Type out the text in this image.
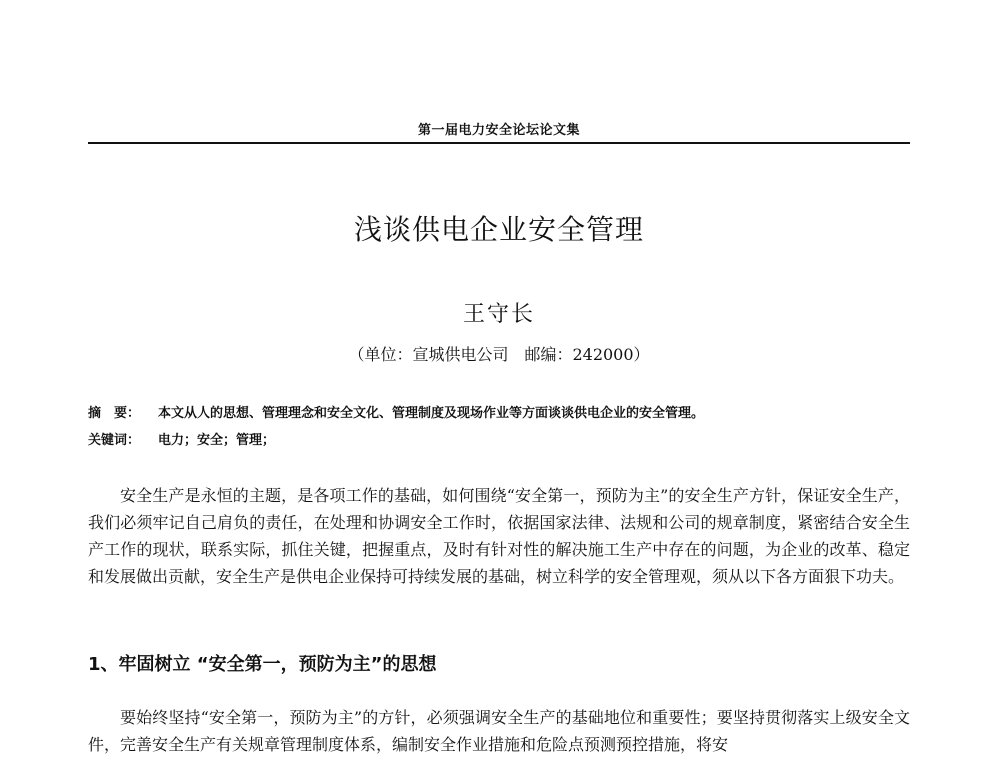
第一届电力安全论坛论文集
浅谈供电企业安全管理
王守长
（单位：宣城供电公司　邮编：242000）
摘　要： 本文从人的思想、管理理念和安全文化、管理制度及现场作业等方面谈谈供电企业的安全管理。
关键词： 电力；安全；管理；

安全生产是永恒的主题，是各项工作的基础，如何围绕“安全第一，预防为主”的安全生产方针，保证安全生产，我们必须牢记自己肩负的责任，在处理和协调安全工作时，依据国家法律、法规和公司的规章制度，紧密结合安全生产工作的现状，联系实际，抓住关键，把握重点，及时有针对性的解决施工生产中存在的问题，为企业的改革、稳定和发展做出贡献，安全生产是供电企业保持可持续发展的基础，树立科学的安全管理观，须从以下各方面狠下功夫。

1、牢固树立 “安全第一，预防为主”的思想

要始终坚持“安全第一，预防为主”的方针，必须强调安全生产的基础地位和重要性；要坚持贯彻落实上级安全文件，完善安全生产有关规章管理制度体系，编制安全作业措施和危险点预测预控措施，将安
